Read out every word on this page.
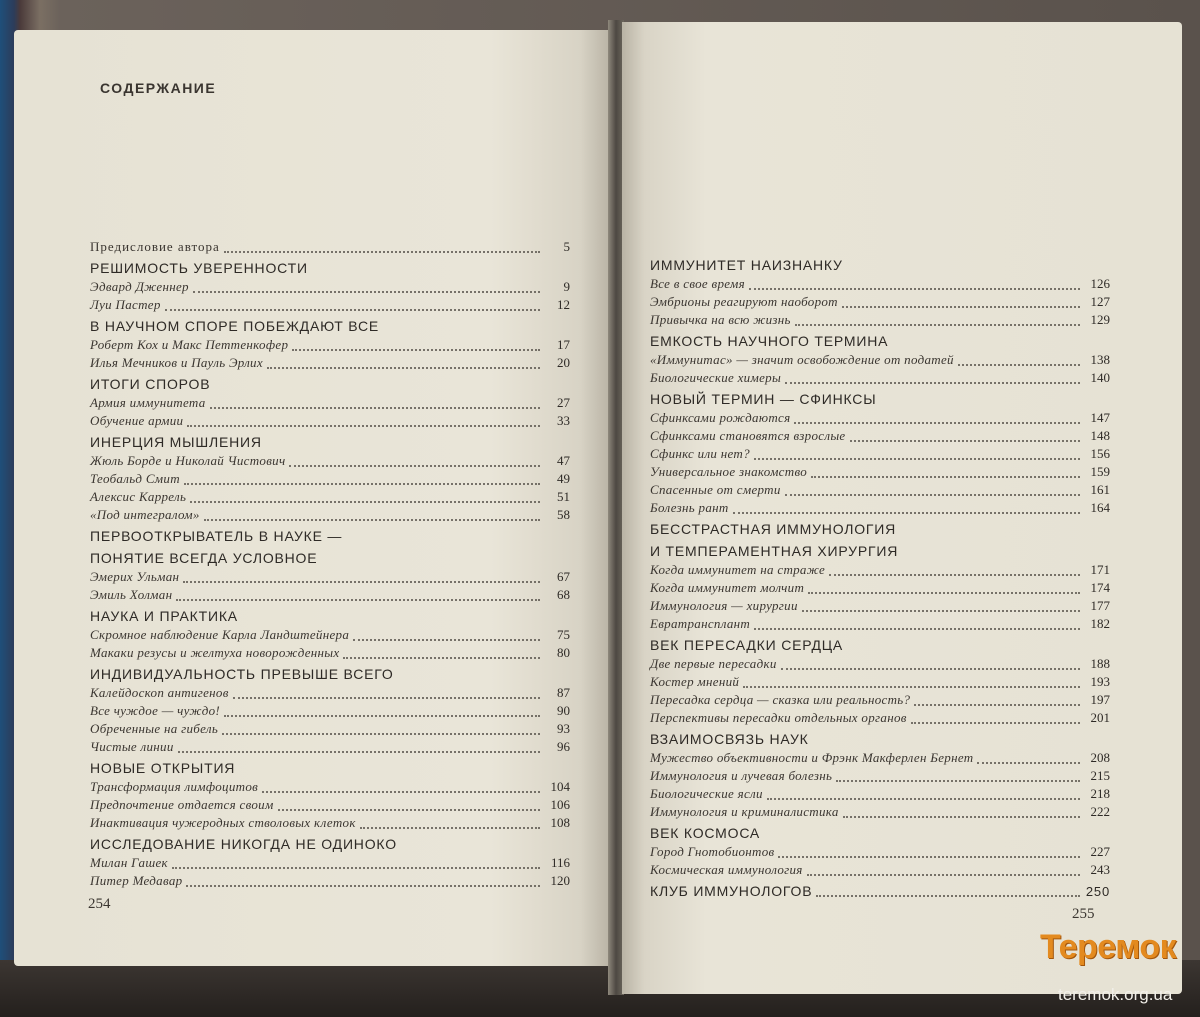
СОДЕРЖАНИЕ
Предисловие автора	5
РЕШИМОСТЬ УВЕРЕННОСТИ
Эдвард Дженнер	9
Луи Пастер	12
В НАУЧНОМ СПОРЕ ПОБЕЖДАЮТ ВСЕ
Роберт Кох и Макс Петтенкофер	17
Илья Мечников и Пауль Эрлих	20
ИТОГИ СПОРОВ
Армия иммунитета	27
Обучение армии	33
ИНЕРЦИЯ МЫШЛЕНИЯ
Жюль Борде и Николай Чистович	47
Теобальд Смит	49
Алексис Каррель	51
«Под интегралом»	58
ПЕРВООТКРЫВАТЕЛЬ В НАУКЕ —
ПОНЯТИЕ ВСЕГДА УСЛОВНОЕ
Эмерих Ульман	67
Эмиль Холман	68
НАУКА И ПРАКТИКА
Скромное наблюдение Карла Ландштейнера	75
Макаки резусы и желтуха новорожденных	80
ИНДИВИДУАЛЬНОСТЬ ПРЕВЫШЕ ВСЕГО
Калейдоскоп антигенов	87
Все чуждое — чуждо!	90
Обреченные на гибель	93
Чистые линии	96
НОВЫЕ ОТКРЫТИЯ
Трансформация лимфоцитов	104
Предпочтение отдается своим	106
Инактивация чужеродных стволовых клеток	108
ИССЛЕДОВАНИЕ НИКОГДА НЕ ОДИНОКО
Милан Гашек	116
Питер Медавар	120
ИММУНИТЕТ НАИЗНАНКУ
Все в свое время	126
Эмбрионы реагируют наоборот	127
Привычка на всю жизнь	129
ЕМКОСТЬ НАУЧНОГО ТЕРМИНА
«Иммунитас» — значит освобождение от податей	138
Биологические химеры	140
НОВЫЙ ТЕРМИН — СФИНКСЫ
Сфинксами рождаются	147
Сфинксами становятся взрослые	148
Сфинкс или нет?	156
Универсальное знакомство	159
Спасенные от смерти	161
Болезнь рант	164
БЕССТРАСТНАЯ ИММУНОЛОГИЯ
И ТЕМПЕРАМЕНТНАЯ ХИРУРГИЯ
Когда иммунитет на страже	171
Когда иммунитет молчит	174
Иммунология — хирургии	177
Евратрансплант	182
ВЕК ПЕРЕСАДКИ СЕРДЦА
Две первые пересадки	188
Костер мнений	193
Пересадка сердца — сказка или реальность?	197
Перспективы пересадки отдельных органов	201
ВЗАИМОСВЯЗЬ НАУК
Мужество объективности и Фрэнк Макферлен Бернет	208
Иммунология и лучевая болезнь	215
Биологические ясли	218
Иммунология и криминалистика	222
ВЕК КОСМОСА
Город Гнотобионтов	227
Космическая иммунология	243
КЛУБ ИММУНОЛОГОВ	250
254
255
Теремок
teremok.org.ua
